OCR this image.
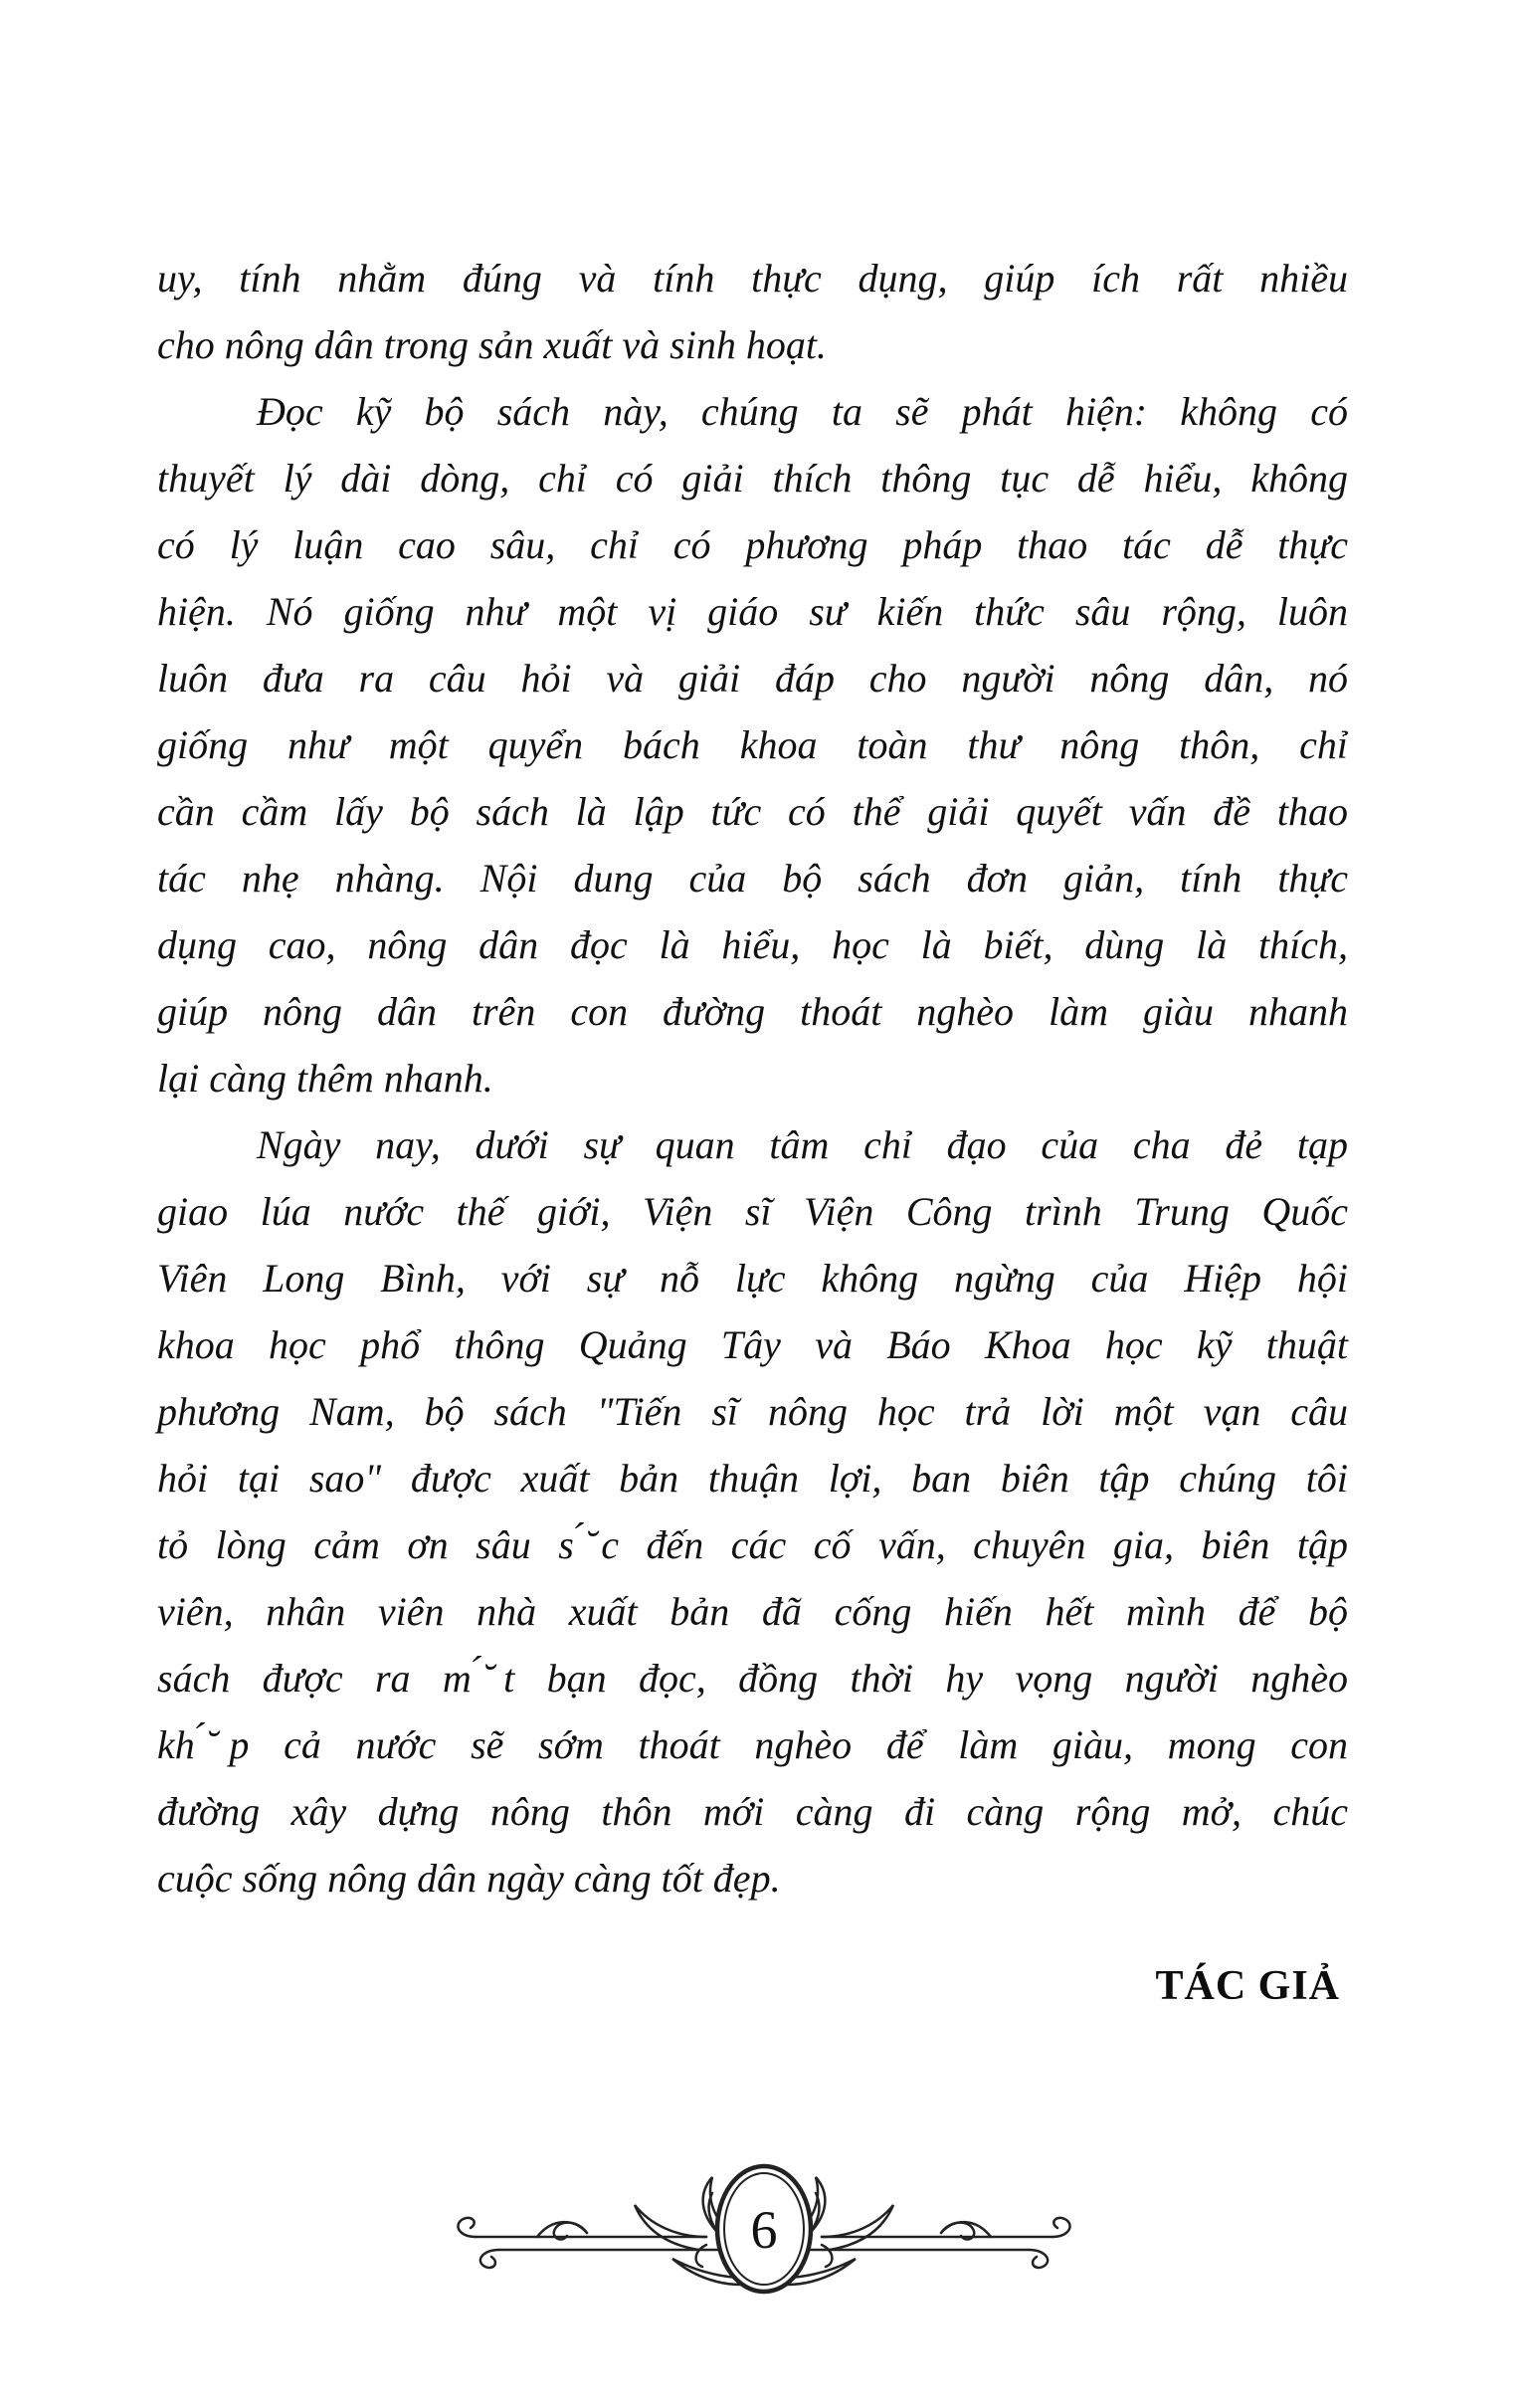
uy, tính nhằm đúng và tính thực dụng, giúp ích rất nhiều
cho nông dân trong sản xuất và sinh hoạt.
Đọc kỹ bộ sách này, chúng ta sẽ phát hiện: không có
thuyết lý dài dòng, chỉ có giải thích thông tục dễ hiểu, không
có lý luận cao sâu, chỉ có phương pháp thao tác dễ thực
hiện. Nó giống như một vị giáo sư kiến thức sâu rộng, luôn
luôn đưa ra câu hỏi và giải đáp cho người nông dân, nó
giống như một quyển bách khoa toàn thư nông thôn, chỉ
cần cầm lấy bộ sách là lập tức có thể giải quyết vấn đề thao
tác nhẹ nhàng. Nội dung của bộ sách đơn giản, tính thực
dụng cao, nông dân đọc là hiểu, học là biết, dùng là thích,
giúp nông dân trên con đường thoát nghèo làm giàu nhanh
lại càng thêm nhanh.
Ngày nay, dưới sự quan tâm chỉ đạo của cha đẻ tạp
giao lúa nước thế giới, Viện sĩ Viện Công trình Trung Quốc
Viên Long Bình, với sự nỗ lực không ngừng của Hiệp hội
khoa học phổ thông Quảng Tây và Báo Khoa học kỹ thuật
phương Nam, bộ sách "Tiến sĩ nông học trả lời một vạn câu
hỏi tại sao" được xuất bản thuận lợi, ban biên tập chúng tôi
tỏ lòng cảm ơn sâu s ̆́c đến các cố vấn, chuyên gia, biên tập
viên, nhân viên nhà xuất bản đã cống hiến hết mình để bộ
sách được ra m ̆́t bạn đọc, đồng thời hy vọng người nghèo
kh ̆́p cả nước sẽ sớm thoát nghèo để làm giàu, mong con
đường xây dựng nông thôn mới càng đi càng rộng mở, chúc
cuộc sống nông dân ngày càng tốt đẹp.
TÁC GIẢ
6
